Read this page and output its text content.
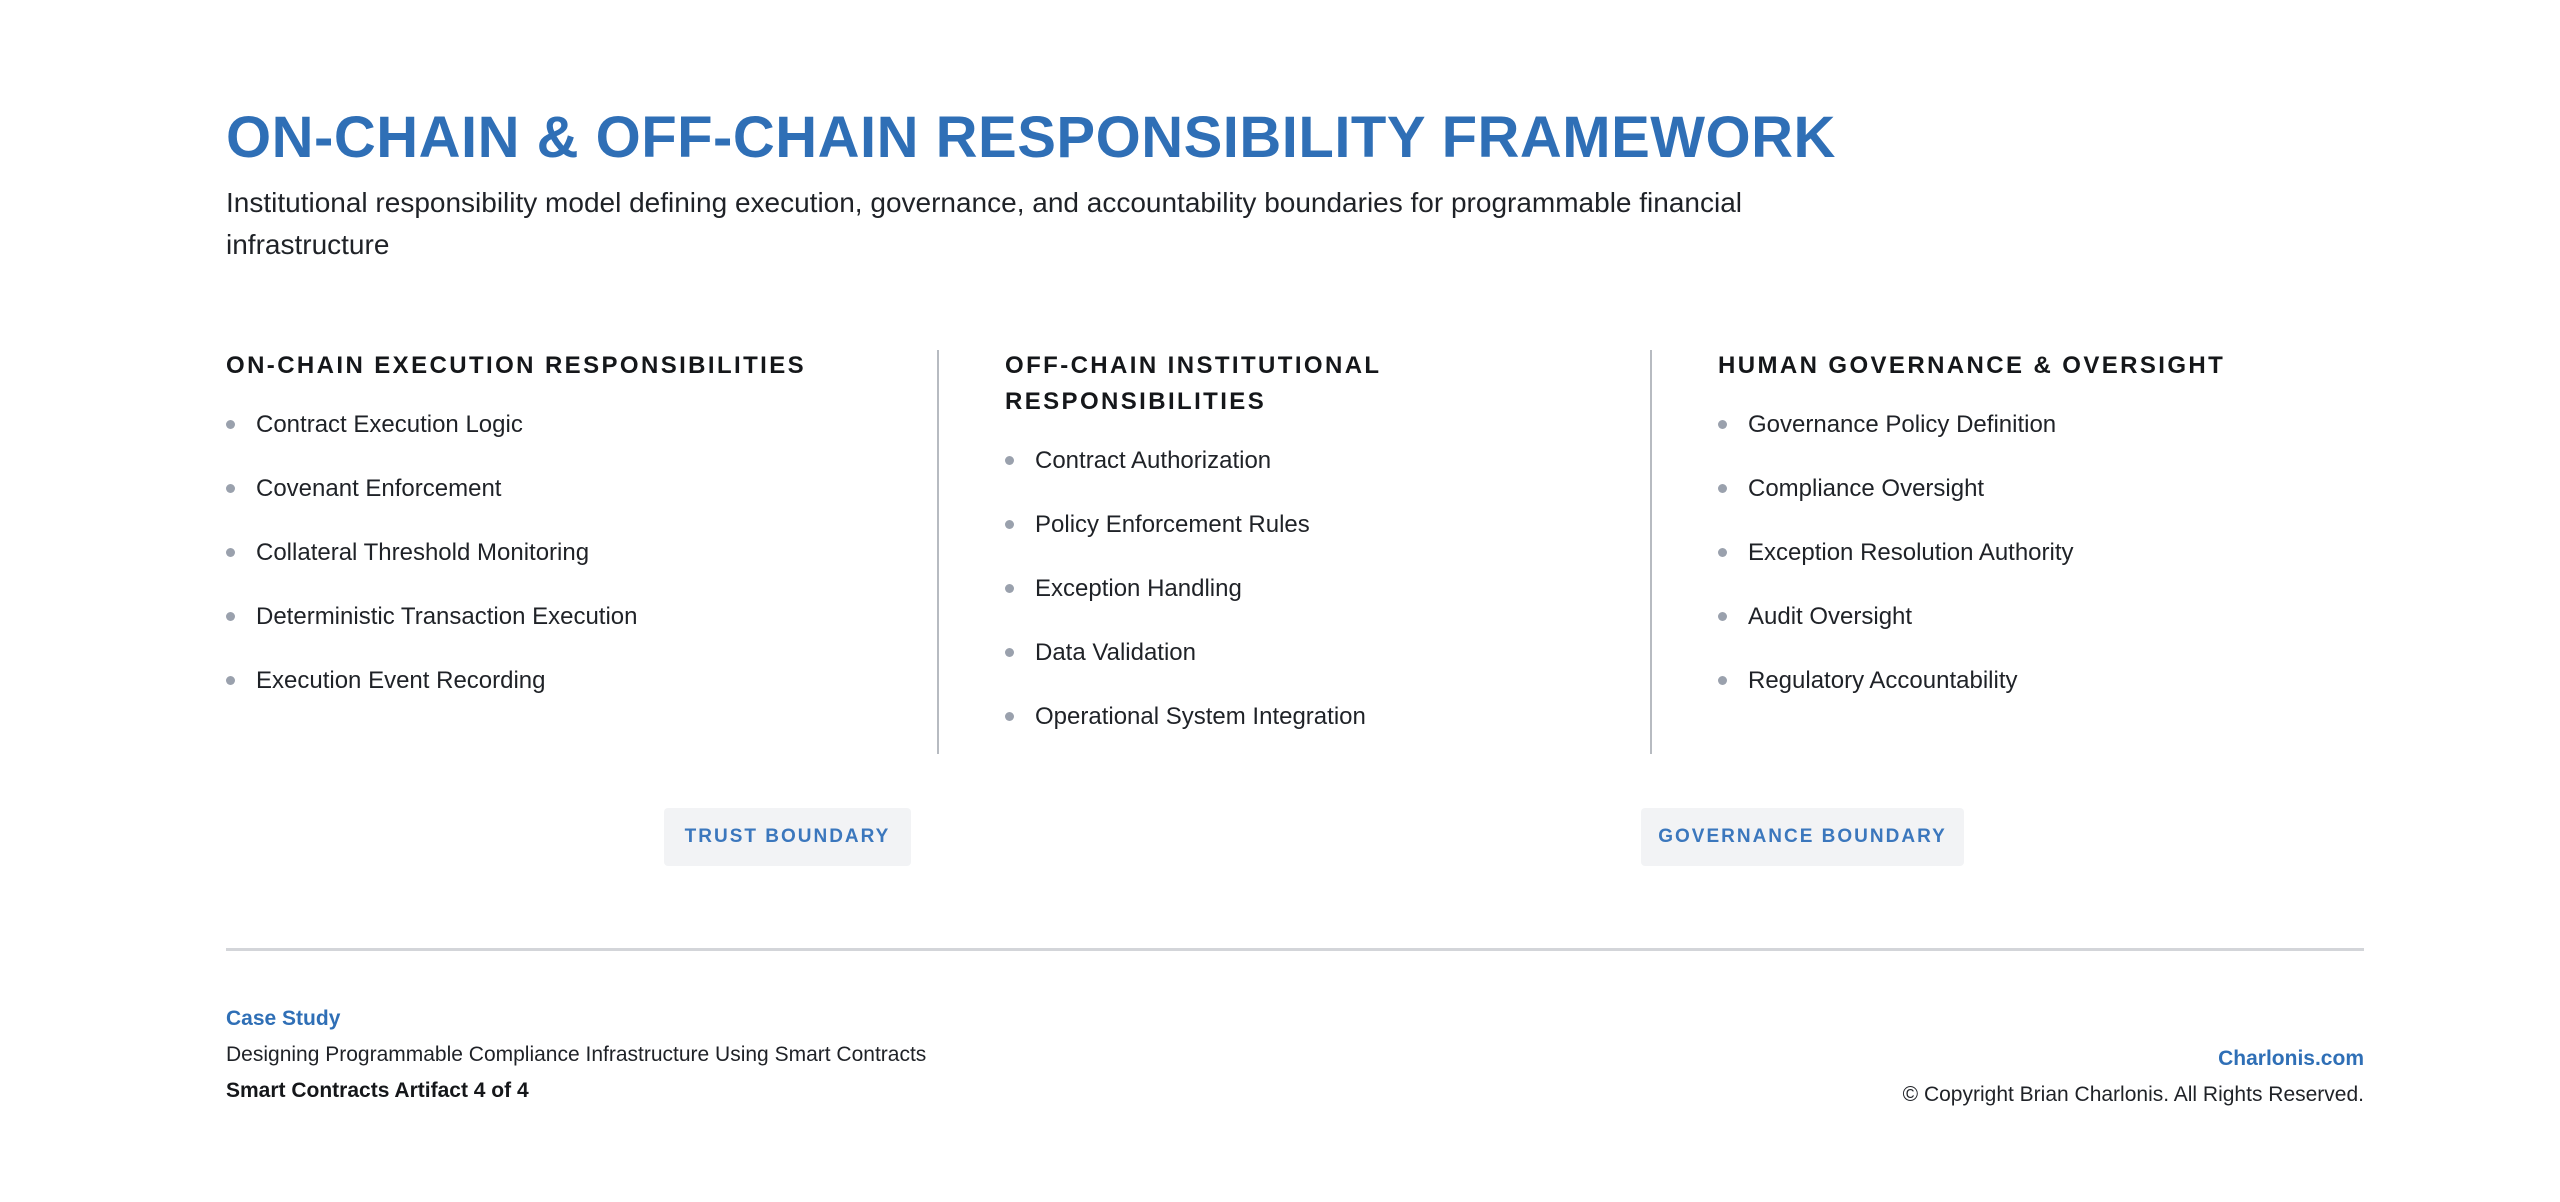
ON-CHAIN & OFF-CHAIN RESPONSIBILITY FRAMEWORK

Institutional responsibility model defining execution, governance, and accountability boundaries for programmable financial infrastructure

ON-CHAIN EXECUTION RESPONSIBILITIES
Contract Execution Logic
Covenant Enforcement
Collateral Threshold Monitoring
Deterministic Transaction Execution
Execution Event Recording
OFF-CHAIN INSTITUTIONAL RESPONSIBILITIES
Contract Authorization
Policy Enforcement Rules
Exception Handling
Data Validation
Operational System Integration
HUMAN GOVERNANCE & OVERSIGHT
Governance Policy Definition
Compliance Oversight
Exception Resolution Authority
Audit Oversight
Regulatory Accountability
TRUST BOUNDARY	GOVERNANCE BOUNDARY
Case Study
Designing Programmable Compliance Infrastructure Using Smart Contracts
Smart Contracts Artifact 4 of 4
Charlonis.com
© Copyright Brian Charlonis. All Rights Reserved.
